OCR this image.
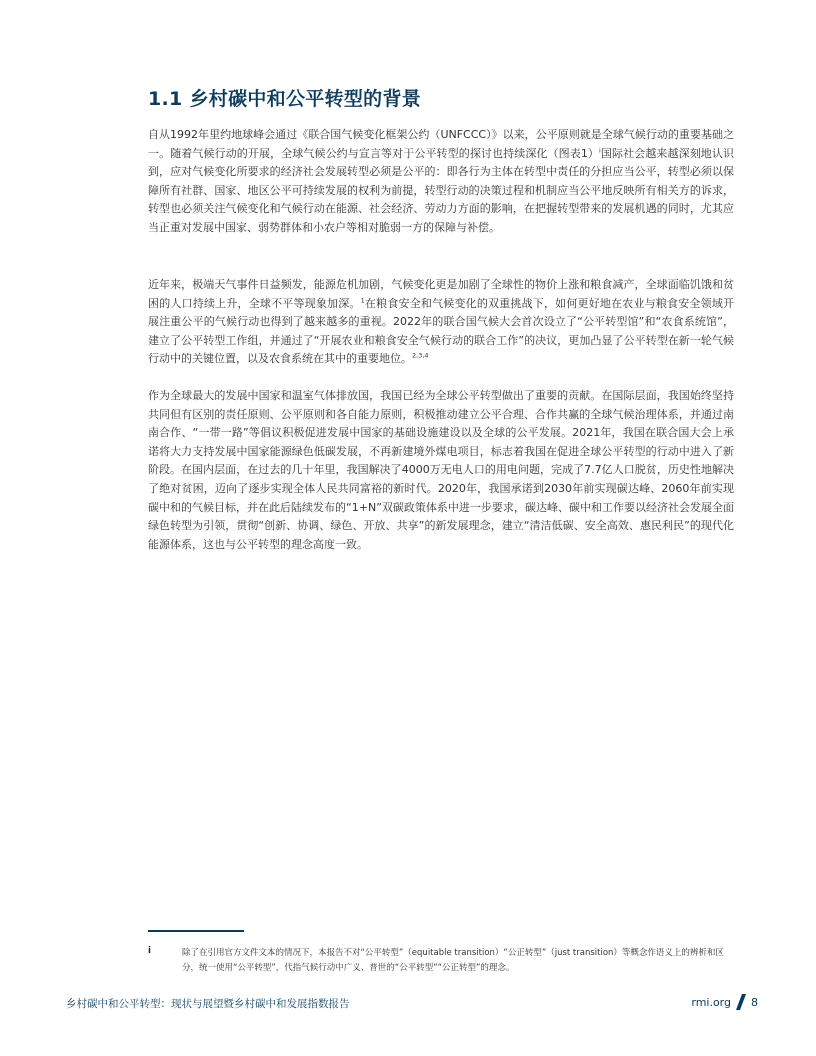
1.1 乡村碳中和公平转型的背景

自从1992年里约地球峰会通过《联合国气候变化框架公约（UNFCCC）》以来，公平原则就是全球气候行动的重要基础之一。随着气候行动的开展，全球气候公约与宣言等对于公平转型的探讨也持续深化（图表1）$^i$国际社会越来越深刻地认识到，应对气候变化所要求的经济社会发展转型必须是公平的：即各行为主体在转型中责任的分担应当公平，转型必须以保障所有社群、国家、地区公平可持续发展的权利为前提，转型行动的决策过程和机制应当公平地反映所有相关方的诉求，转型也必须关注气候变化和气候行动在能源、社会经济、劳动力方面的影响，在把握转型带来的发展机遇的同时，尤其应当正重对发展中国家、弱势群体和小农户等相对脆弱一方的保障与补偿。

近年来，极端天气事件日益频发，能源危机加剧，气候变化更是加剧了全球性的物价上涨和粮食减产，全球面临饥饿和贫困的人口持续上升，全球不平等现象加深。$^1$在粮食安全和气候变化的双重挑战下，如何更好地在农业与粮食安全领域开展注重公平的气候行动也得到了越来越多的重视。2022年的联合国气候大会首次设立了“公平转型馆”和“农食系统馆”，建立了公平转型工作组，并通过了“开展农业和粮食安全气候行动的联合工作”的决议，更加凸显了公平转型在新一轮气候行动中的关键位置，以及农食系统在其中的重要地位。$^{2,3,4}$

作为全球最大的发展中国家和温室气体排放国，我国已经为全球公平转型做出了重要的贡献。在国际层面，我国始终坚持共同但有区别的责任原则、公平原则和各自能力原则，积极推动建立公平合理、合作共赢的全球气候治理体系，并通过南南合作、“一带一路”等倡议积极促进发展中国家的基础设施建设以及全球的公平发展。2021年，我国在联合国大会上承诺将大力支持发展中国家能源绿色低碳发展，不再新建境外煤电项目，标志着我国在促进全球公平转型的行动中进入了新阶段。在国内层面，在过去的几十年里，我国解决了4000万无电人口的用电问题，完成了7.7亿人口脱贫，历史性地解决了绝对贫困，迈向了逐步实现全体人民共同富裕的新时代。2020年，我国承诺到2030年前实现碳达峰、2060年前实现碳中和的气候目标，并在此后陆续发布的“1+N”双碳政策体系中进一步要求，碳达峰、碳中和工作要以经济社会发展全面绿色转型为引领，贯彻“创新、协调、绿色、开放、共享”的新发展理念，建立“清洁低碳、安全高效、惠民利民”的现代化能源体系，这也与公平转型的理念高度一致。

i	除了在引用官方文件文本的情况下，本报告不对“公平转型”（equitable transition）“公正转型”（just transition）等概念作语义上的辨析和区分，统一使用“公平转型”，代指气候行动中广义、普世的“公平转型”“公正转型”的理念。

乡村碳中和公平转型：现状与展望暨乡村碳中和发展指数报告	rmi.org 8
